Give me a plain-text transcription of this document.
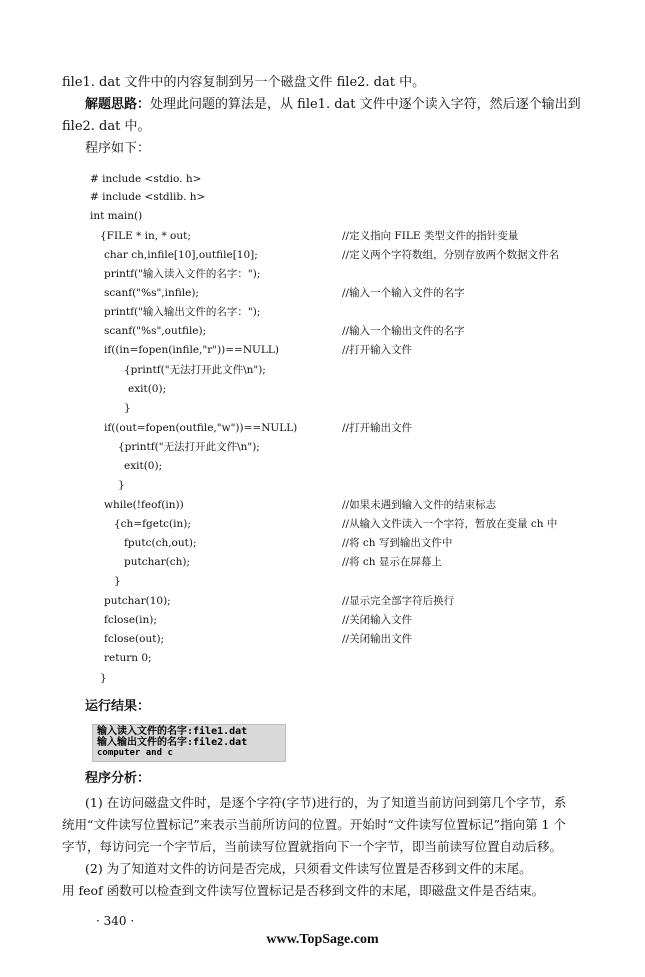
file1. dat 文件中的内容复制到另一个磁盘文件 file2. dat 中。
解题思路：处理此问题的算法是，从 file1. dat 文件中逐个读入字符，然后逐个输出到
file2. dat 中。
程序如下：
# include <stdio. h>
# include <stdlib. h>
int main()
{FILE * in, * out;	//定义指向 FILE 类型文件的指针变量
char ch,infile[10],outfile[10];	//定义两个字符数组，分别存放两个数据文件名
printf("输入读入文件的名字：");
scanf("%s",infile);	//输入一个输入文件的名字
printf("输入输出文件的名字：");
scanf("%s",outfile);	//输入一个输出文件的名字
if((in=fopen(infile,"r"))==NULL)	//打开输入文件
{printf("无法打开此文件\n");
exit(0);
}
if((out=fopen(outfile,"w"))==NULL)	//打开输出文件
{printf("无法打开此文件\n");
exit(0);
}
while(!feof(in))	//如果未遇到输入文件的结束标志
{ch=fgetc(in);	//从输入文件读入一个字符，暂放在变量 ch 中
fputc(ch,out);	//将 ch 写到输出文件中
putchar(ch);	//将 ch 显示在屏幕上
}
putchar(10);	//显示完全部字符后换行
fclose(in);	//关闭输入文件
fclose(out);	//关闭输出文件
return 0;
}
运行结果：
输入读入文件的名字:file1.dat
输入输出文件的名字:file2.dat
computer and c
程序分析：
(1) 在访问磁盘文件时，是逐个字符(字节)进行的，为了知道当前访问到第几个字节，系
统用“文件读写位置标记”来表示当前所访问的位置。开始时“文件读写位置标记”指向第 1 个
字节，每访问完一个字节后，当前读写位置就指向下一个字节，即当前读写位置自动后移。
(2) 为了知道对文件的访问是否完成，只须看文件读写位置是否移到文件的末尾。
用 feof 函数可以检查到文件读写位置标记是否移到文件的末尾，即磁盘文件是否结束。
· 340 ·
www.TopSage.com
